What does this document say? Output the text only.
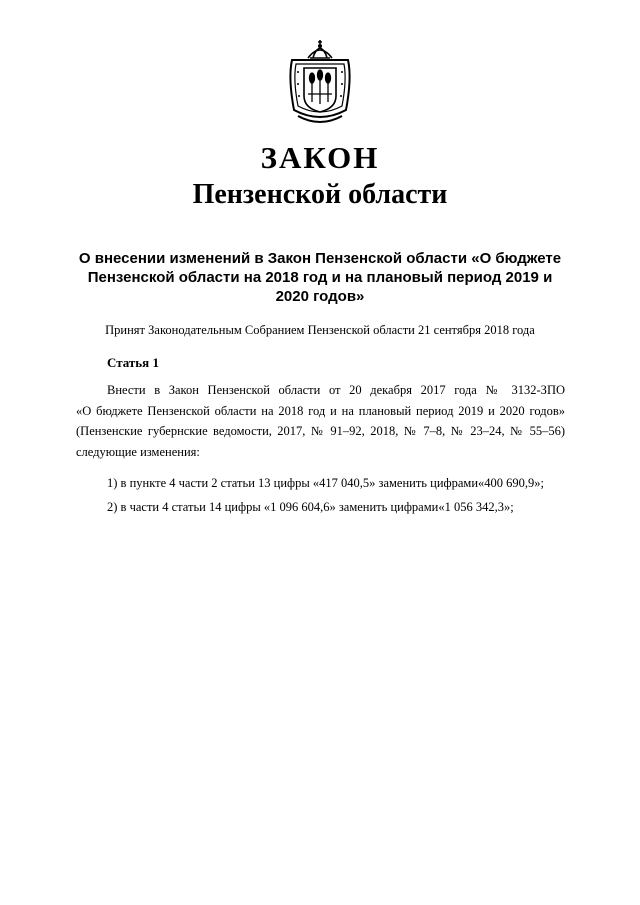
ЗАКОН
Пензенской области
О внесении изменений в Закон Пензенской области «О бюджете Пензенской области на 2018 год и на плановый период 2019 и 2020 годов»
Принят Законодательным Собранием Пензенской области 21 сентября 2018 года
Статья 1
Внести в Закон Пензенской области от 20 декабря 2017 года № 3132-ЗПО
«О бюджете Пензенской области на 2018 год и на плановый период 2019 и 2020 годов»
(Пензенские губернские ведомости, 2017, № 91–92, 2018, № 7–8, № 23–24, № 55–56)
следующие изменения:
1) в пункте 4 части 2 статьи 13 цифры «417 040,5» заменить цифрами«400 690,9»;
2) в части 4 статьи 14 цифры «1 096 604,6» заменить цифрами«1 056 342,3»;
